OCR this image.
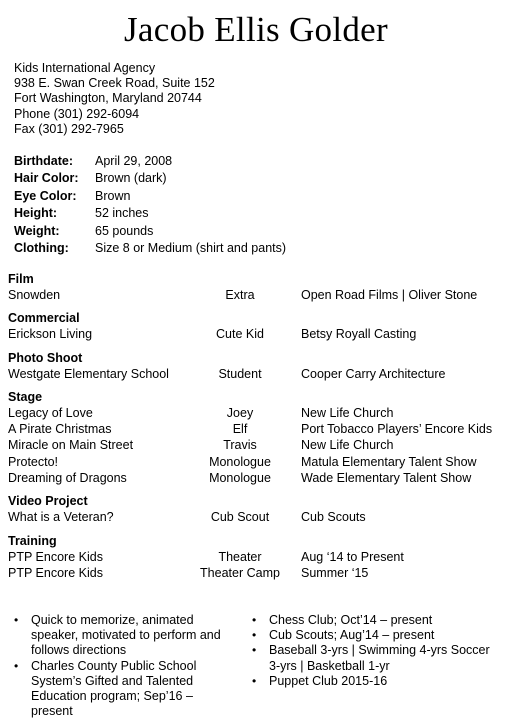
Jacob Ellis Golder
Kids International Agency
938 E. Swan Creek Road, Suite 152
Fort Washington, Maryland 20744
Phone (301) 292-6094
Fax (301) 292-7965
Birthdate: April 29, 2008
Hair Color: Brown (dark)
Eye Color: Brown
Height:	52 inches
Weight:	65 pounds
Clothing: Size 8 or Medium (shirt and pants)
Film
Snowden	Extra	Open Road Films | Oliver Stone
Commercial
Erickson Living	Cute Kid	Betsy Royall Casting
Photo Shoot
Westgate Elementary School	Student	Cooper Carry Architecture
Stage
Legacy of Love	Joey	New Life Church
A Pirate Christmas	Elf	Port Tobacco Players’ Encore Kids
Miracle on Main Street	Travis	New Life Church
Protecto!	Monologue	Matula Elementary Talent Show
Dreaming of Dragons	Monologue	Wade Elementary Talent Show
Video Project
What is a Veteran?	Cub Scout	Cub Scouts
Training
PTP Encore Kids	Theater	Aug ‘14 to Present
PTP Encore Kids	Theater Camp	Summer ‘15
• Quick to memorize, animated speaker, motivated to perform and follows directions
• Charles County Public School System’s Gifted and Talented Education program; Sep’16 – present
• Chess Club; Oct’14 – present
• Cub Scouts; Aug’14 – present
• Baseball 3-yrs | Swimming 4-yrs Soccer 3-yrs | Basketball 1-yr
• Puppet Club 2015-16
